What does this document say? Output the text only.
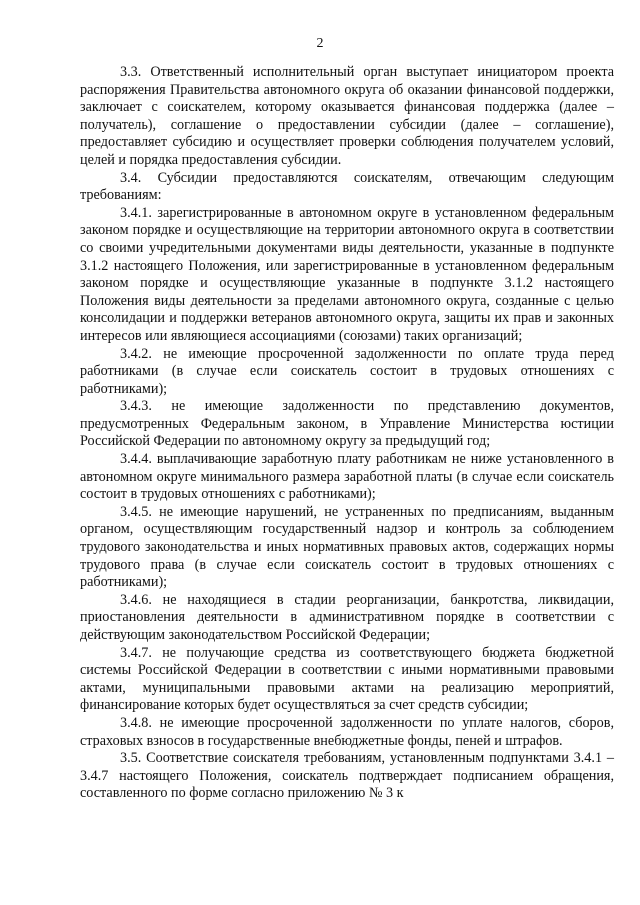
2

3.3. Ответственный исполнительный орган выступает инициатором проекта распоряжения Правительства автономного округа об оказании финансовой поддержки, заключает с соискателем, которому оказывается финансовая поддержка (далее – получатель), соглашение о предоставлении субсидии (далее – соглашение), предоставляет субсидию и осуществляет проверки соблюдения получателем условий, целей и порядка предоставления субсидии.

3.4. Субсидии предоставляются соискателям, отвечающим следующим требованиям:

3.4.1. зарегистрированные в автономном округе в установленном федеральным законом порядке и осуществляющие на территории автономного округа в соответствии со своими учредительными документами виды деятельности, указанные в подпункте 3.1.2 настоящего Положения, или зарегистрированные в установленном федеральным законом порядке и осуществляющие указанные в подпункте 3.1.2 настоящего Положения виды деятельности за пределами автономного округа, созданные с целью консолидации и поддержки ветеранов автономного округа, защиты их прав и законных интересов или являющиеся ассоциациями (союзами) таких организаций;

3.4.2. не имеющие просроченной задолженности по оплате труда перед работниками (в случае если соискатель состоит в трудовых отношениях с работниками);

3.4.3. не имеющие задолженности по представлению документов, предусмотренных Федеральным законом, в Управление Министерства юстиции Российской Федерации по автономному округу за предыдущий год;

3.4.4. выплачивающие заработную плату работникам не ниже установленного в автономном округе минимального размера заработной платы (в случае если соискатель состоит в трудовых отношениях с работниками);

3.4.5. не имеющие нарушений, не устраненных по предписаниям, выданным органом, осуществляющим государственный надзор и контроль за соблюдением трудового законодательства и иных нормативных правовых актов, содержащих нормы трудового права (в случае если соискатель состоит в трудовых отношениях с работниками);

3.4.6. не находящиеся в стадии реорганизации, банкротства, ликвидации, приостановления деятельности в административном порядке в соответствии с действующим законодательством Российской Федерации;

3.4.7. не получающие средства из соответствующего бюджета бюджетной системы Российской Федерации в соответствии с иными нормативными правовыми актами, муниципальными правовыми актами на реализацию мероприятий, финансирование которых будет осуществляться за счет средств субсидии;

3.4.8. не имеющие просроченной задолженности по уплате налогов, сборов, страховых взносов в государственные внебюджетные фонды, пеней и штрафов.

3.5. Соответствие соискателя требованиям, установленным подпунктами 3.4.1 – 3.4.7 настоящего Положения, соискатель подтверждает подписанием обращения, составленного по форме согласно приложению № 3 к
